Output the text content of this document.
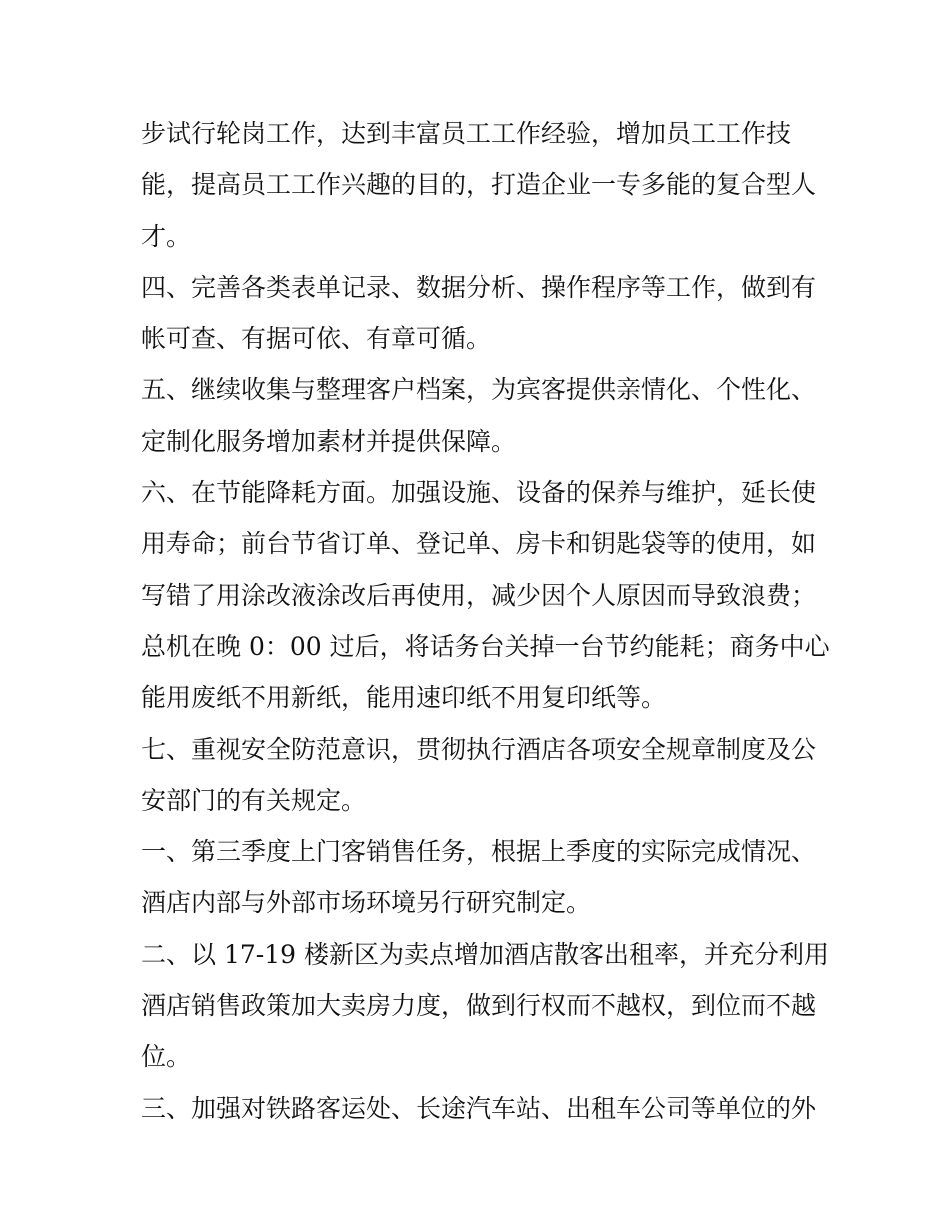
步试行轮岗工作，达到丰富员工工作经验，增加员工工作技
能，提高员工工作兴趣的目的，打造企业一专多能的复合型人
才。
四、完善各类表单记录、数据分析、操作程序等工作，做到有
帐可查、有据可依、有章可循。
五、继续收集与整理客户档案，为宾客提供亲情化、个性化、
定制化服务增加素材并提供保障。
六、在节能降耗方面。加强设施、设备的保养与维护，延长使
用寿命；前台节省订单、登记单、房卡和钥匙袋等的使用，如
写错了用涂改液涂改后再使用，减少因个人原因而导致浪费；
总机在晚 0：00 过后，将话务台关掉一台节约能耗；商务中心
能用废纸不用新纸，能用速印纸不用复印纸等。
七、重视安全防范意识，贯彻执行酒店各项安全规章制度及公
安部门的有关规定。
一、第三季度上门客销售任务，根据上季度的实际完成情况、
酒店内部与外部市场环境另行研究制定。
二、以 17-19 楼新区为卖点增加酒店散客出租率，并充分利用
酒店销售政策加大卖房力度，做到行权而不越权，到位而不越
位。
三、加强对铁路客运处、长途汽车站、出租车公司等单位的外
